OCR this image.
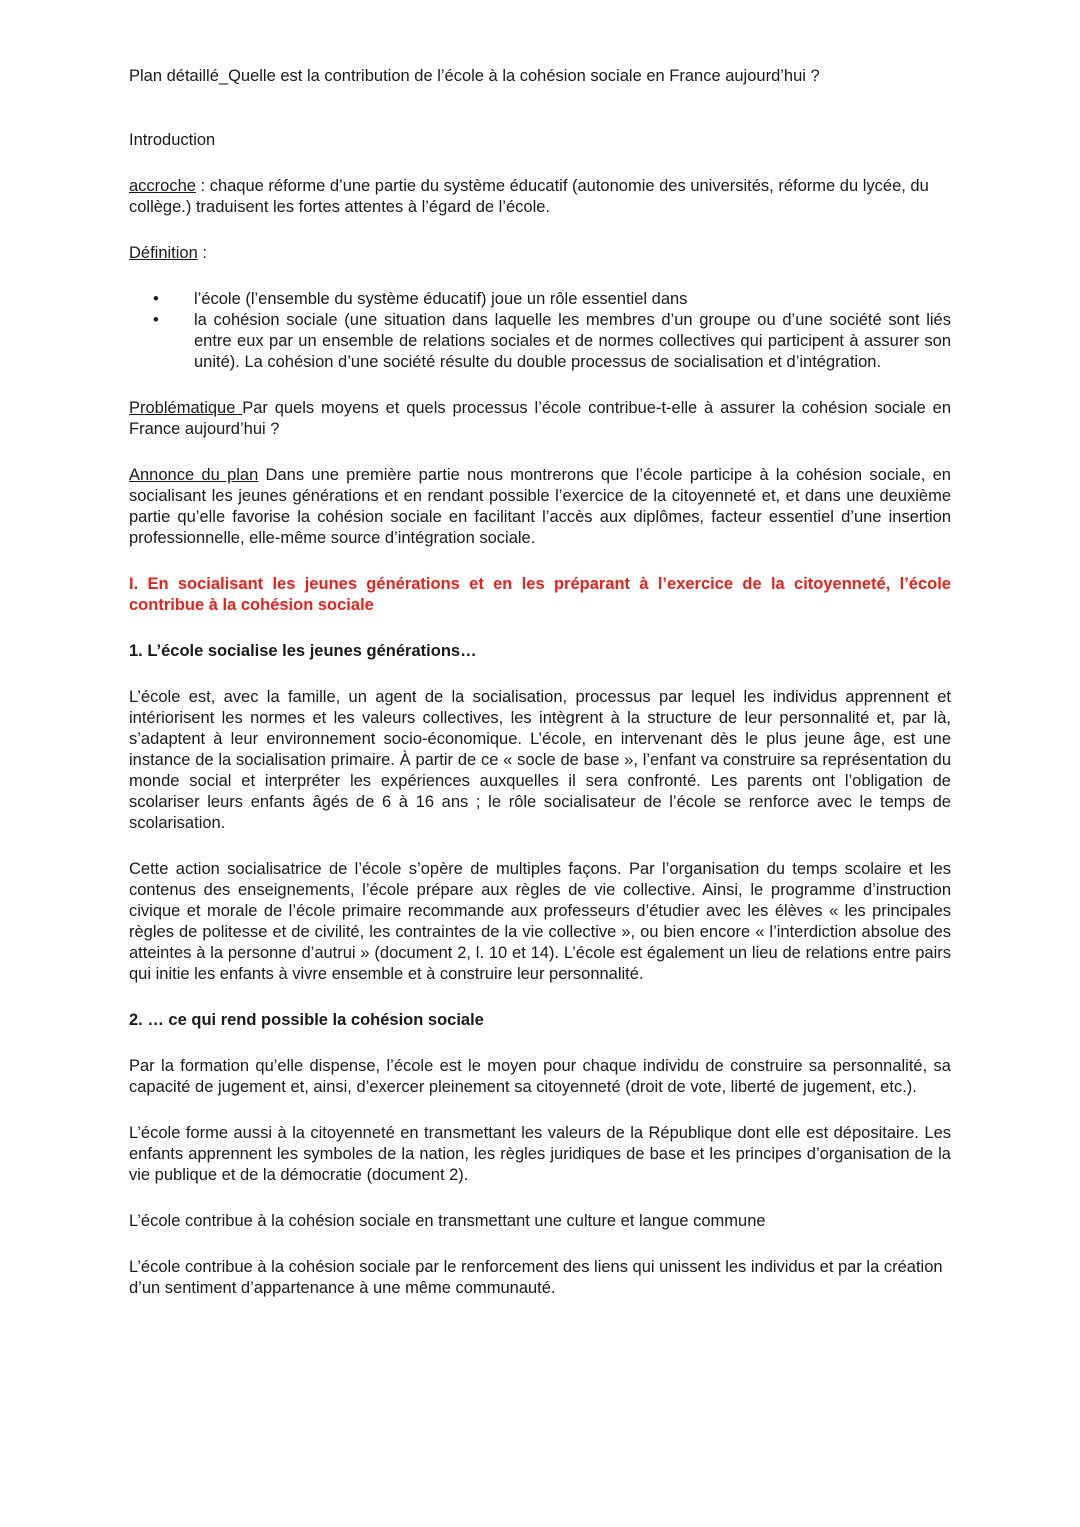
Plan détaillé_Quelle est la contribution de l’école à la cohésion sociale en France aujourd’hui ?

Introduction

accroche : chaque réforme d’une partie du système éducatif (autonomie des universités, réforme du lycée, du collège.) traduisent les fortes attentes à l’égard de l’école.

Définition :

• l’école (l’ensemble du système éducatif) joue un rôle essentiel dans
• la cohésion sociale (une situation dans laquelle les membres d’un groupe ou d’une société sont liés entre eux par un ensemble de relations sociales et de normes collectives qui participent à assurer son unité). La cohésion d’une société résulte du double processus de socialisation et d’intégration.

Problématique Par quels moyens et quels processus l’école contribue-t-elle à assurer la cohésion sociale en France aujourd’hui ?

Annonce du plan Dans une première partie nous montrerons que l’école participe à la cohésion sociale, en socialisant les jeunes générations et en rendant possible l’exercice de la citoyenneté et, et dans une deuxième partie qu’elle favorise la cohésion sociale en facilitant l’accès aux diplômes, facteur essentiel d’une insertion professionnelle, elle-même source d’intégration sociale.

I. En socialisant les jeunes générations et en les préparant à l’exercice de la citoyenneté, l’école contribue à la cohésion sociale
1. L’école socialise les jeunes générations…

L’école est, avec la famille, un agent de la socialisation, processus par lequel les individus apprennent et intériorisent les normes et les valeurs collectives, les intègrent à la structure de leur personnalité et, par là, s’adaptent à leur environnement socio-économique. L’école, en intervenant dès le plus jeune âge, est une instance de la socialisation primaire. À partir de ce « socle de base », l’enfant va construire sa représentation du monde social et interpréter les expériences auxquelles il sera confronté. Les parents ont l’obligation de scolariser leurs enfants âgés de 6 à 16 ans ; le rôle socialisateur de l’école se renforce avec le temps de scolarisation.

Cette action socialisatrice de l’école s’opère de multiples façons. Par l’organisation du temps scolaire et les contenus des enseignements, l’école prépare aux règles de vie collective. Ainsi, le programme d’instruction civique et morale de l’école primaire recommande aux professeurs d’étudier avec les élèves « les principales règles de politesse et de civilité, les contraintes de la vie collective », ou bien encore « l’interdiction absolue des atteintes à la personne d’autrui » (document 2, l. 10 et 14). L’école est également un lieu de relations entre pairs qui initie les enfants à vivre ensemble et à construire leur personnalité.

2. … ce qui rend possible la cohésion sociale

Par la formation qu’elle dispense, l’école est le moyen pour chaque individu de construire sa personnalité, sa capacité de jugement et, ainsi, d’exercer pleinement sa citoyenneté (droit de vote, liberté de jugement, etc.).

L’école forme aussi à la citoyenneté en transmettant les valeurs de la République dont elle est dépositaire. Les enfants apprennent les symboles de la nation, les règles juridiques de base et les principes d’organisation de la vie publique et de la démocratie (document 2).

L’école contribue à la cohésion sociale en transmettant une culture et langue commune

L’école contribue à la cohésion sociale par le renforcement des liens qui unissent les individus et par la création d’un sentiment d’appartenance à une même communauté.
